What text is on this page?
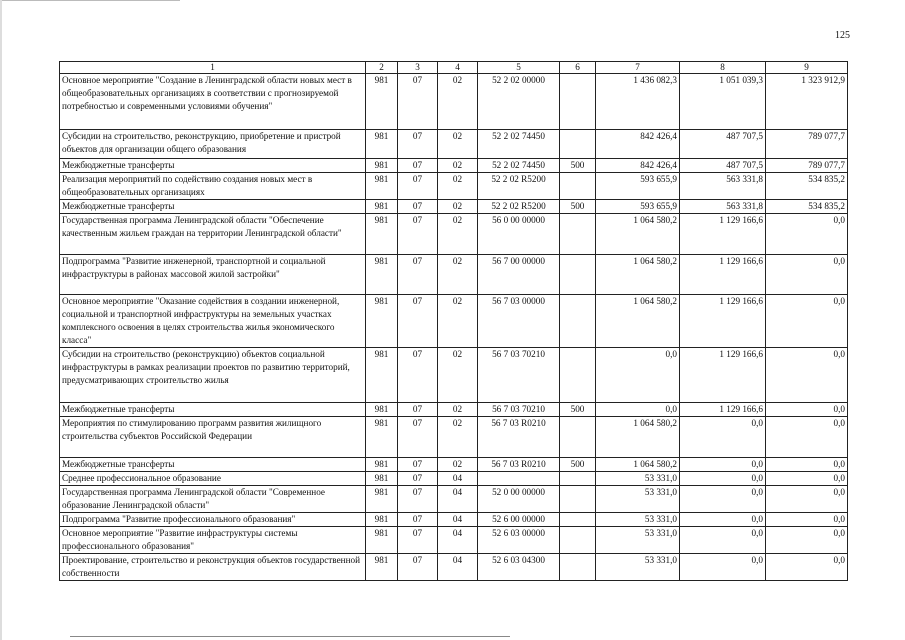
125
1	2	3	4	5	6	7	8	9
Основное мероприятие "Создание в Ленинградской области новых мест в общеобразовательных организациях в соответствии с прогнозируемой потребностью и современными условиями обучения"	981	07	02	52 2 02 00000		1 436 082,3	1 051 039,3	1 323 912,9
Субсидии на строительство, реконструкцию, приобретение и пристрой объектов для организации общего образования	981	07	02	52 2 02 74450		842 426,4	487 707,5	789 077,7
Межбюджетные трансферты	981	07	02	52 2 02 74450	500	842 426,4	487 707,5	789 077,7
Реализация мероприятий по содействию создания новых мест в общеобразовательных организациях	981	07	02	52 2 02 R5200		593 655,9	563 331,8	534 835,2
Межбюджетные трансферты	981	07	02	52 2 02 R5200	500	593 655,9	563 331,8	534 835,2
Государственная программа Ленинградской области "Обеспечение качественным жильем граждан на территории Ленинградской области"	981	07	02	56 0 00 00000		1 064 580,2	1 129 166,6	0,0
Подпрограмма "Развитие инженерной, транспортной и социальной инфраструктуры в районах массовой жилой застройки"	981	07	02	56 7 00 00000		1 064 580,2	1 129 166,6	0,0
Основное мероприятие "Оказание содействия в создании инженерной, социальной и транспортной инфраструктуры на земельных участках комплексного освоения в целях строительства жилья экономического класса"	981	07	02	56 7 03 00000		1 064 580,2	1 129 166,6	0,0
Субсидии на строительство (реконструкцию) объектов социальной инфраструктуры в рамках реализации проектов по развитию территорий, предусматривающих строительство жилья	981	07	02	56 7 03 70210		0,0	1 129 166,6	0,0
Межбюджетные трансферты	981	07	02	56 7 03 70210	500	0,0	1 129 166,6	0,0
Мероприятия по стимулированию программ развития жилищного строительства субъектов Российской Федерации	981	07	02	56 7 03 R0210		1 064 580,2	0,0	0,0
Межбюджетные трансферты	981	07	02	56 7 03 R0210	500	1 064 580,2	0,0	0,0
Среднее профессиональное образование	981	07	04			53 331,0	0,0	0,0
Государственная программа Ленинградской области "Современное образование Ленинградской области"	981	07	04	52 0 00 00000		53 331,0	0,0	0,0
Подпрограмма "Развитие профессионального образования"	981	07	04	52 6 00 00000		53 331,0	0,0	0,0
Основное мероприятие "Развитие инфраструктуры системы профессионального образования"	981	07	04	52 6 03 00000		53 331,0	0,0	0,0
Проектирование, строительство и реконструкция объектов государственной собственности	981	07	04	52 6 03 04300		53 331,0	0,0	0,0
